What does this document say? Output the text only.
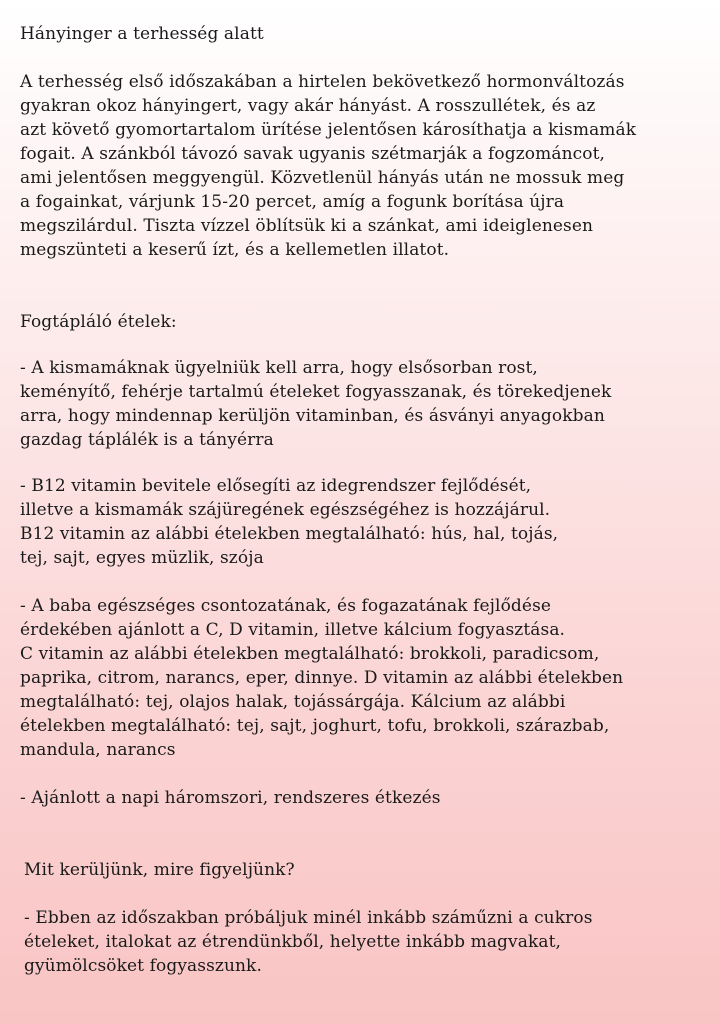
Hányinger a terhesség alatt
A terhesség első időszakában a hirtelen bekövetkező hormonváltozás
gyakran okoz hányingert, vagy akár hányást. A rosszullétek, és az
azt követő gyomortartalom ürítése jelentősen károsíthatja a kismamák
fogait. A szánkból távozó savak ugyanis szétmarják a fogzománcot,
ami jelentősen meggyengül. Közvetlenül hányás után ne mossuk meg
a fogainkat, várjunk 15-20 percet, amíg a fogunk borítása újra
megszilárdul. Tiszta vízzel öblítsük ki a szánkat, ami ideiglenesen
megszünteti a keserű ízt, és a kellemetlen illatot.
Fogtápláló ételek:
- A kismamáknak ügyelniük kell arra, hogy elsősorban rost,
keményítő, fehérje tartalmú ételeket fogyasszanak, és törekedjenek
arra, hogy mindennap kerüljön vitaminban, és ásványi anyagokban
gazdag táplálék is a tányérra
- B12 vitamin bevitele elősegíti az idegrendszer fejlődését,
illetve a kismamák szájüregének egészségéhez is hozzájárul.
B12 vitamin az alábbi ételekben megtalálható: hús, hal, tojás,
tej, sajt, egyes müzlik, szója
- A baba egészséges csontozatának, és fogazatának fejlődése
érdekében ajánlott a C, D vitamin, illetve kálcium fogyasztása.
C vitamin az alábbi ételekben megtalálható: brokkoli, paradicsom,
paprika, citrom, narancs, eper, dinnye. D vitamin az alábbi ételekben
megtalálható: tej, olajos halak, tojássárgája. Kálcium az alábbi
ételekben megtalálható: tej, sajt, joghurt, tofu, brokkoli, szárazbab,
mandula, narancs
- Ajánlott a napi háromszori, rendszeres étkezés
Mit kerüljünk, mire figyeljünk?
- Ebben az időszakban próbáljuk minél inkább száműzni a cukros
ételeket, italokat az étrendünkből, helyette inkább magvakat,
gyümölcsöket fogyasszunk.
